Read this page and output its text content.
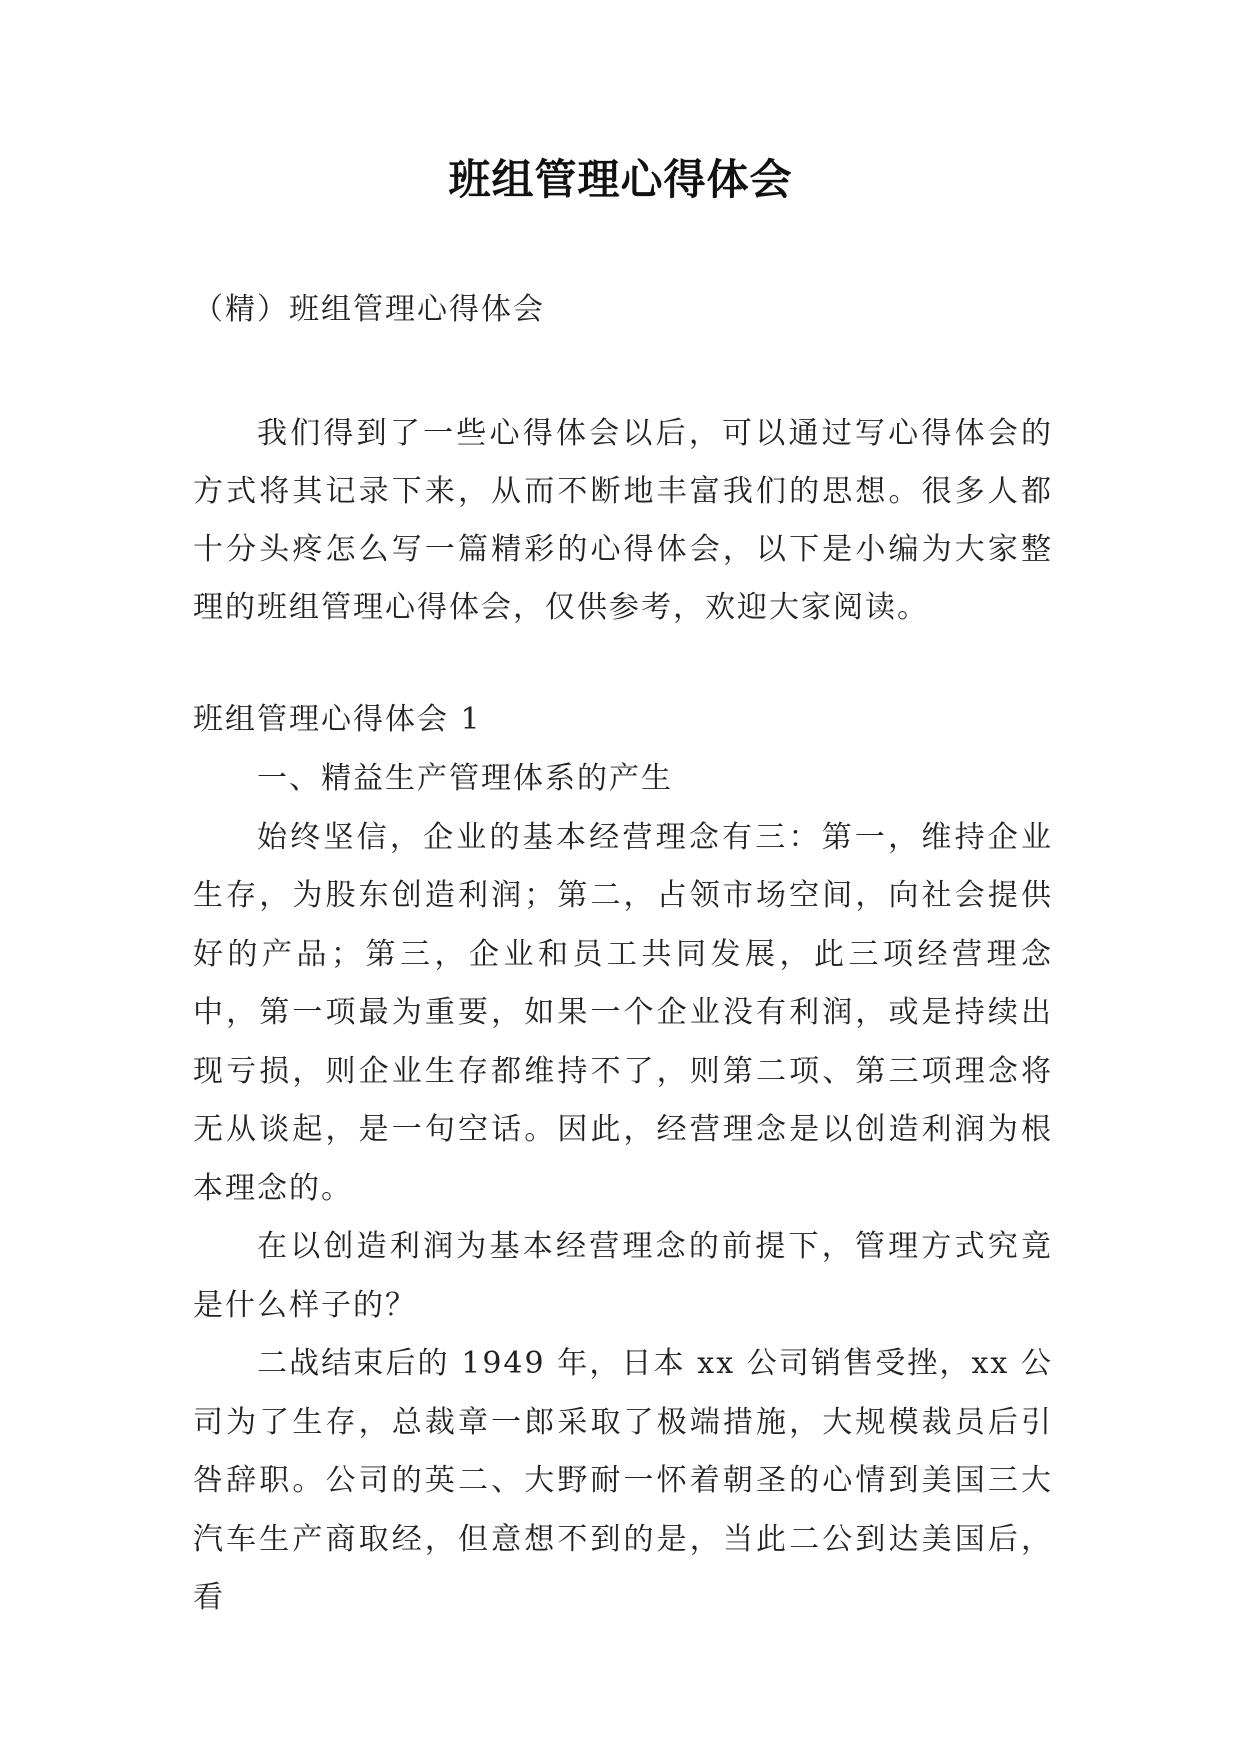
班组管理心得体会

（精）班组管理心得体会

我们得到了一些心得体会以后，可以通过写心得体会的方式将其记录下来，从而不断地丰富我们的思想。很多人都十分头疼怎么写一篇精彩的心得体会，以下是小编为大家整理的班组管理心得体会，仅供参考，欢迎大家阅读。

班组管理心得体会 1

一、精益生产管理体系的产生

始终坚信，企业的基本经营理念有三：第一，维持企业生存，为股东创造利润；第二，占领市场空间，向社会提供好的产品；第三，企业和员工共同发展，此三项经营理念中，第一项最为重要，如果一个企业没有利润，或是持续出现亏损，则企业生存都维持不了，则第二项、第三项理念将无从谈起，是一句空话。因此，经营理念是以创造利润为根本理念的。

在以创造利润为基本经营理念的前提下，管理方式究竟是什么样子的？

二战结束后的 1949 年，日本 xx 公司销售受挫，xx 公司为了生存，总裁章一郎采取了极端措施，大规模裁员后引咎辞职。公司的英二、大野耐一怀着朝圣的心情到美国三大汽车生产商取经，但意想不到的是，当此二公到达美国后，看
